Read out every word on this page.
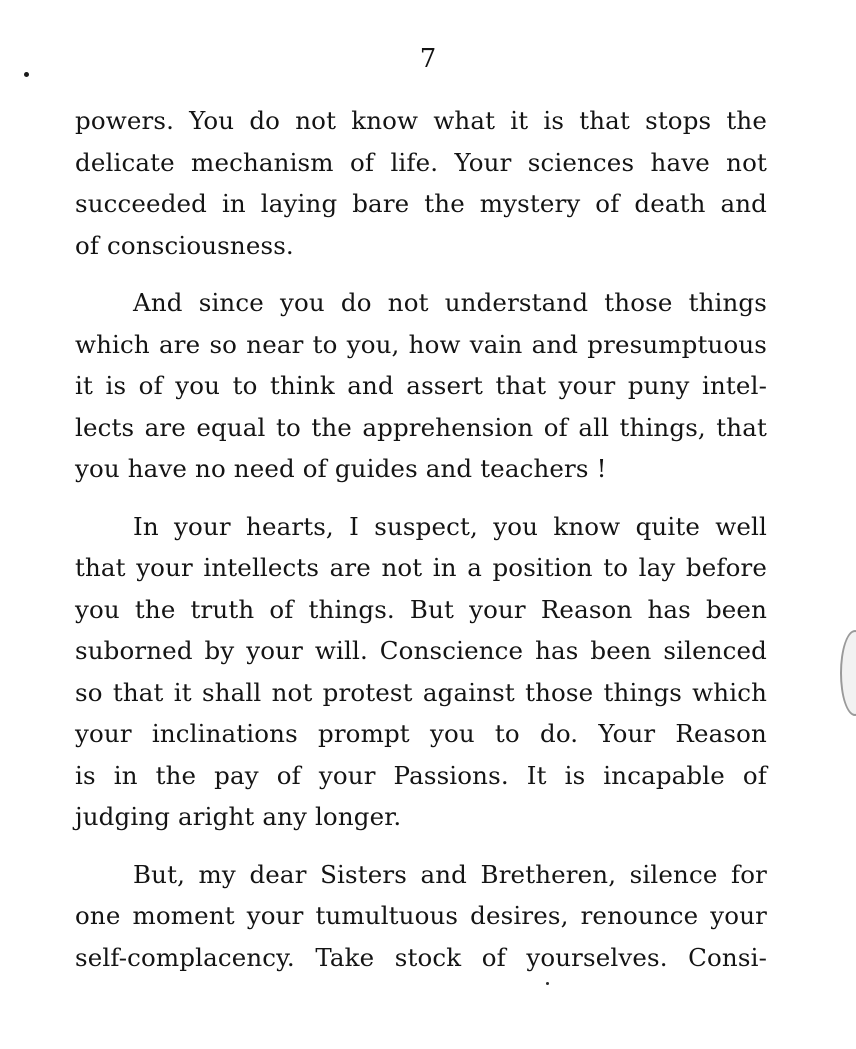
7
powers. You do not know what it is that stops the
delicate mechanism of life. Your sciences have not
succeeded in laying bare the mystery of death and
of consciousness.
And since you do not understand those things
which are so near to you, how vain and presumptuous
it is of you to think and assert that your puny intel-
lects are equal to the apprehension of all things, that
you have no need of guides and teachers !
In your hearts, I suspect, you know quite well
that your intellects are not in a position to lay before
you the truth of things. But your Reason has been
suborned by your will. Conscience has been silenced
so that it shall not protest against those things which
your inclinations prompt you to do. Your Reason
is in the pay of your Passions. It is incapable of
judging aright any longer.
But, my dear Sisters and Bretheren, silence for
one moment your tumultuous desires, renounce your
self-complacency. Take stock of yourselves. Consi-
